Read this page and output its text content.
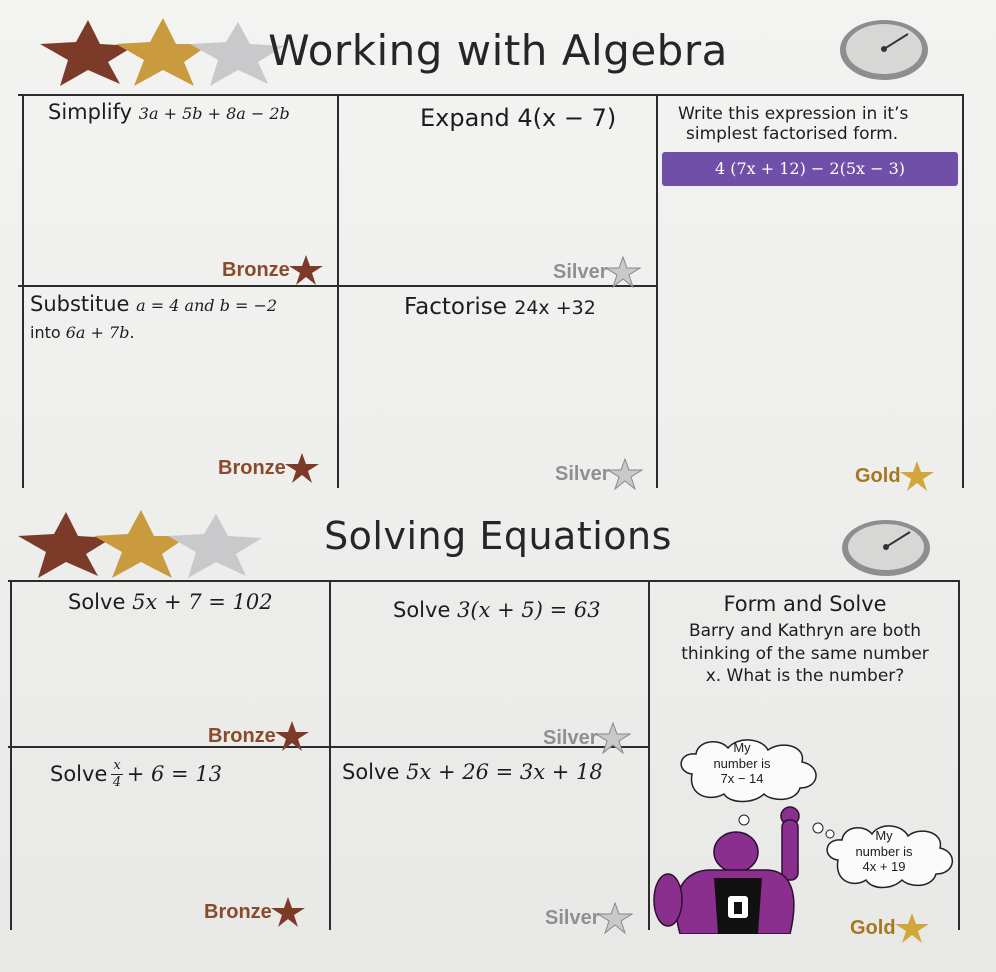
Working with Algebra
Simplify 3a + 5b + 8a − 2b	Expand 4(x − 7)	Write this expression in it’s
simplest factorised form.
4 (7x + 12) − 2(5x − 3)
Substitue a = 4 and b = −2
into 6a + 7b.
Factorise 24x +32
Bronze	Silver
Bronze	Silver	Gold
Solving Equations
Solve 5x + 7 = 102	Solve 3(x + 5) = 63	Form and Solve
Barry and Kathryn are both
thinking of the same number
x. What is the number?
Solve x
4 + 6 = 13	Solve 5x + 26 = 3x + 18
My
number is
7x − 14
My
number is
4x + 19
Bronze	Silver
Bronze	Silver	Gold
